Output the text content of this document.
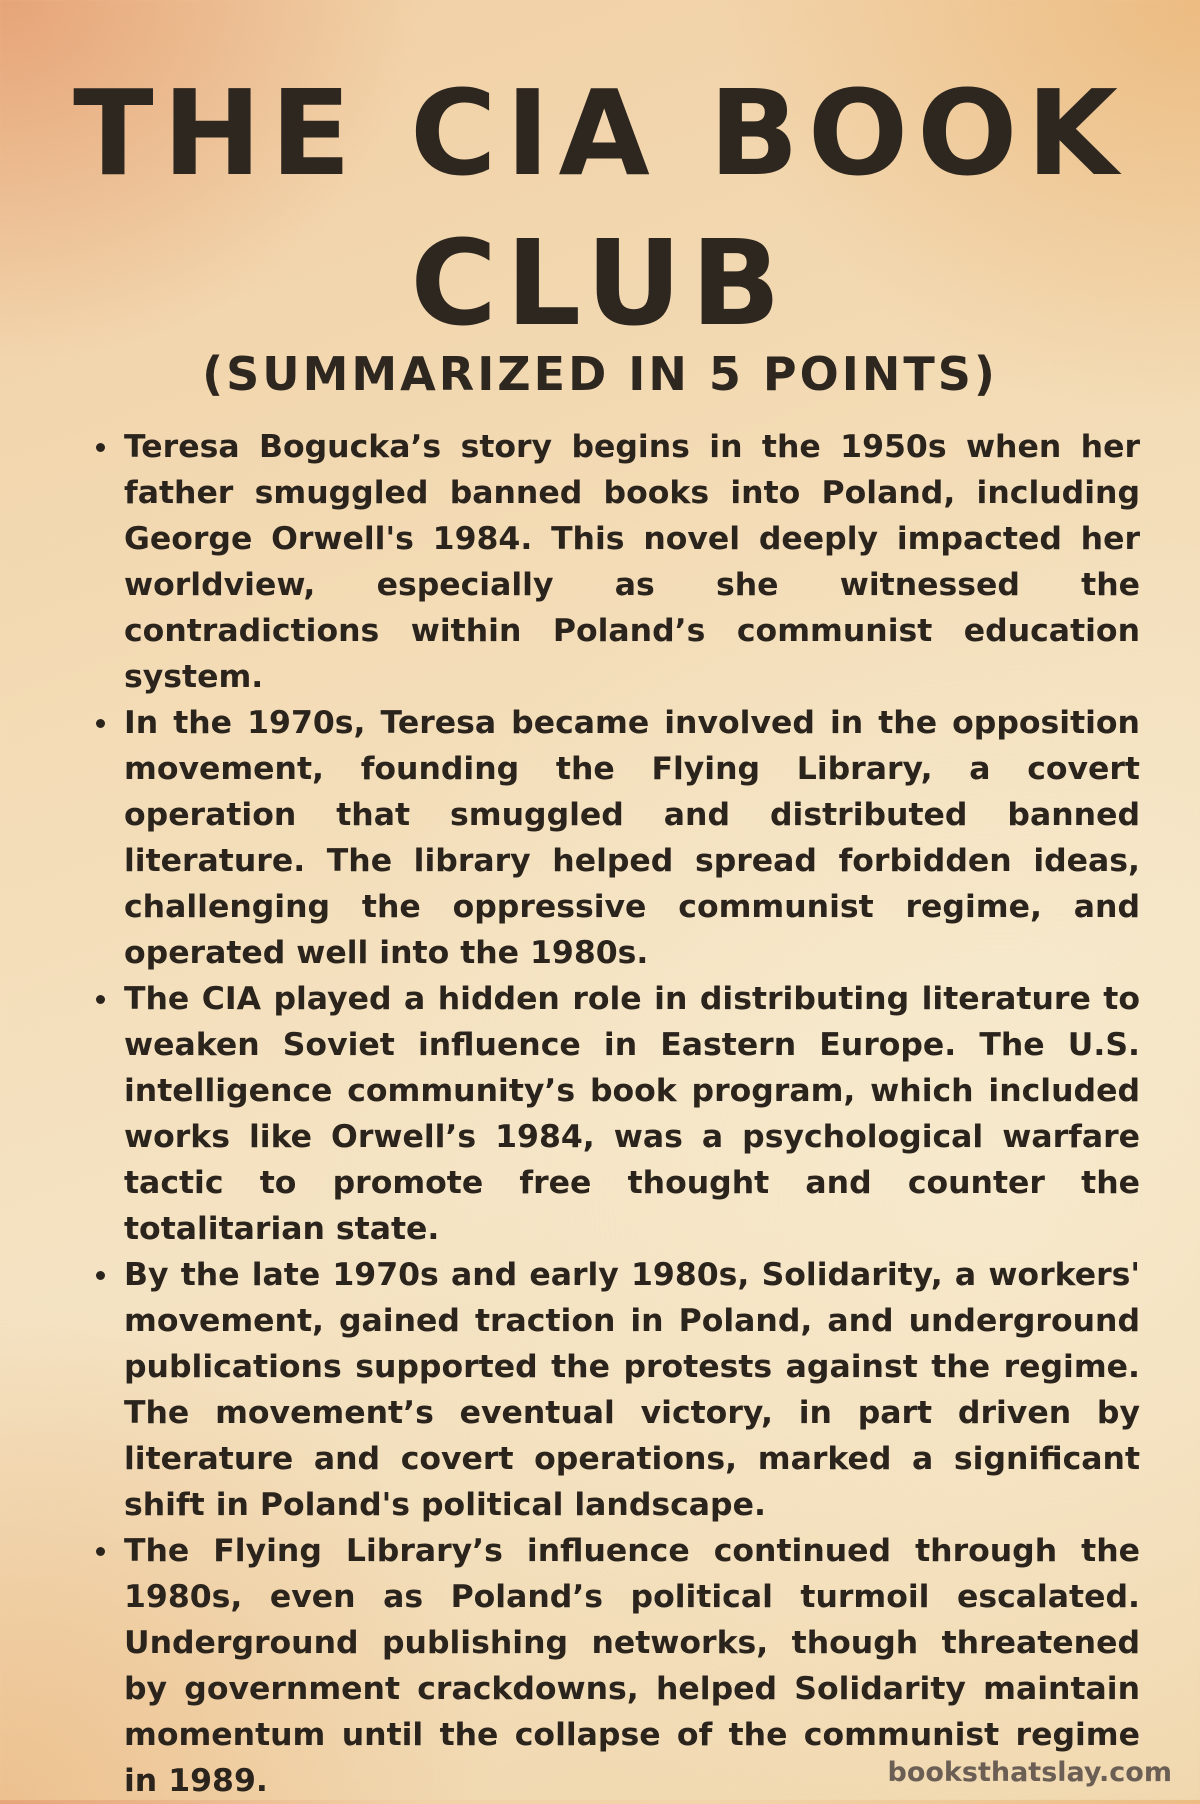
THE CIA BOOK CLUB
(SUMMARIZED IN 5 POINTS)
Teresa Bogucka’s story begins in the 1950s when her father smuggled banned books into Poland, including George Orwell's 1984. This novel deeply impacted her worldview, especially as she witnessed the contradictions within Poland’s communist education system.
In the 1970s, Teresa became involved in the opposition movement, founding the Flying Library, a covert operation that smuggled and distributed banned literature. The library helped spread forbidden ideas, challenging the oppressive communist regime, and operated well into the 1980s.
The CIA played a hidden role in distributing literature to weaken Soviet influence in Eastern Europe. The U.S. intelligence community’s book program, which included works like Orwell’s 1984, was a psychological warfare tactic to promote free thought and counter the totalitarian state.
By the late 1970s and early 1980s, Solidarity, a workers' movement, gained traction in Poland, and underground publications supported the protests against the regime. The movement’s eventual victory, in part driven by literature and covert operations, marked a significant shift in Poland's political landscape.
The Flying Library’s influence continued through the 1980s, even as Poland’s political turmoil escalated. Underground publishing networks, though threatened by government crackdowns, helped Solidarity maintain momentum until the collapse of the communist regime in 1989.	booksthatslay.com
